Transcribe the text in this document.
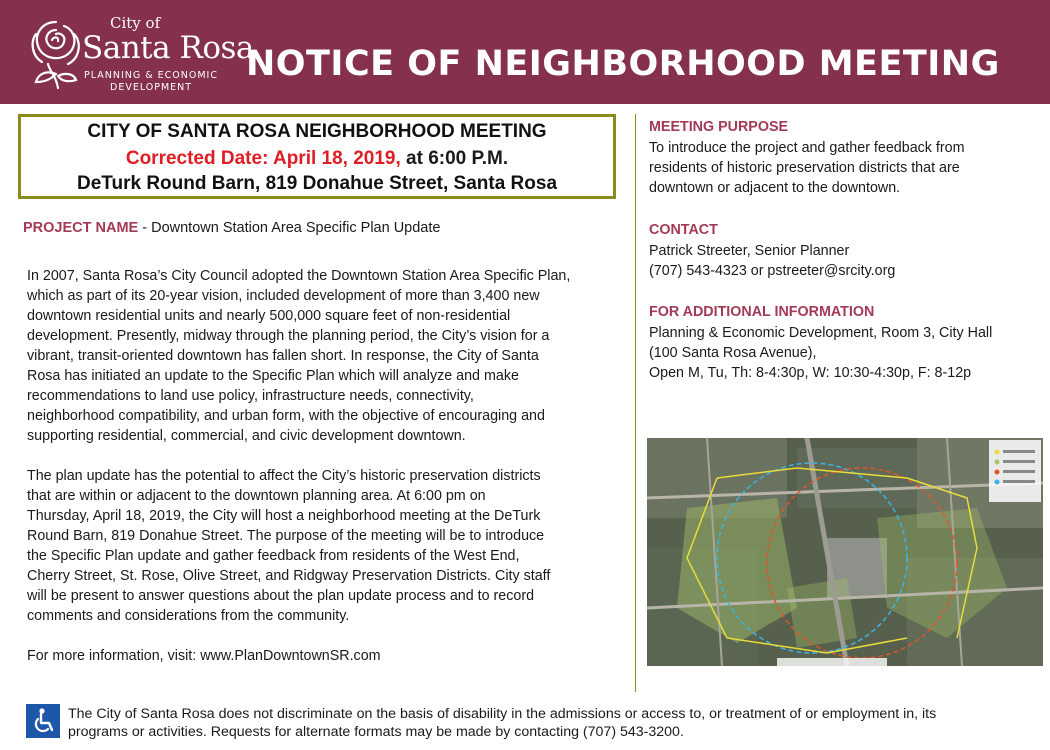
City of
Santa Rosa
PLANNING & ECONOMIC
DEVELOPMENT
NOTICE OF NEIGHBORHOOD MEETING
CITY OF SANTA ROSA NEIGHBORHOOD MEETING
Corrected Date: April 18, 2019, at 6:00 P.M.
DeTurk Round Barn, 819 Donahue Street, Santa Rosa
PROJECT NAME - Downtown Station Area Specific Plan Update
In 2007, Santa Rosa’s City Council adopted the Downtown Station Area Specific Plan,
which as part of its 20-year vision, included development of more than 3,400 new
downtown residential units and nearly 500,000 square feet of non-residential
development. Presently, midway through the planning period, the City’s vision for a
vibrant, transit-oriented downtown has fallen short. In response, the City of Santa
Rosa has initiated an update to the Specific Plan which will analyze and make
recommendations to land use policy, infrastructure needs, connectivity,
neighborhood compatibility, and urban form, with the objective of encouraging and
supporting residential, commercial, and civic development downtown.
The plan update has the potential to affect the City’s historic preservation districts
that are within or adjacent to the downtown planning area. At 6:00 pm on
Thursday, April 18, 2019, the City will host a neighborhood meeting at the DeTurk
Round Barn, 819 Donahue Street. The purpose of the meeting will be to introduce
the Specific Plan update and gather feedback from residents of the West End,
Cherry Street, St. Rose, Olive Street, and Ridgway Preservation Districts. City staff
will be present to answer questions about the plan update process and to record
comments and considerations from the community.
For more information, visit: www.PlanDowntownSR.com
MEETING PURPOSE
To introduce the project and gather feedback from
residents of historic preservation districts that are
downtown or adjacent to the downtown.
CONTACT
Patrick Streeter, Senior Planner
(707) 543-4323 or pstreeter@srcity.org
FOR ADDITIONAL INFORMATION
Planning & Economic Development, Room 3, City Hall
(100 Santa Rosa Avenue),
Open M, Tu, Th: 8-4:30p, W: 10:30-4:30p, F: 8-12p
The City of Santa Rosa does not discriminate on the basis of disability in the admissions or access to, or treatment of or employment in, its
programs or activities. Requests for alternate formats may be made by contacting (707) 543-3200.
